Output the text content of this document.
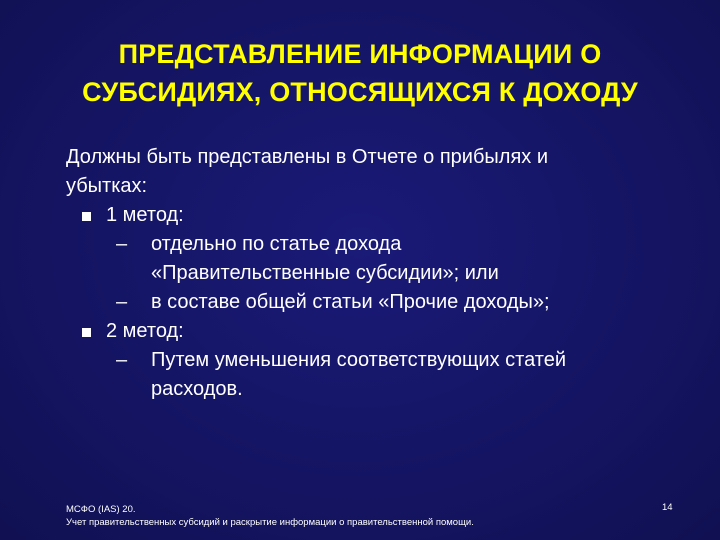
ПРЕДСТАВЛЕНИЕ ИНФОРМАЦИИ О
СУБСИДИЯХ, ОТНОСЯЩИХСЯ К ДОХОДУ
Должны быть представлены в Отчете о прибылях и
убытках:
1 метод:
– отдельно по статье дохода
«Правительственные субсидии»; или
– в составе общей статьи «Прочие доходы»;
2 метод:
– Путем уменьшения соответствующих статей
расходов.
МСФО (IAS) 20.
Учет правительственных субсидий и раскрытие информации о правительственной помощи.
14
